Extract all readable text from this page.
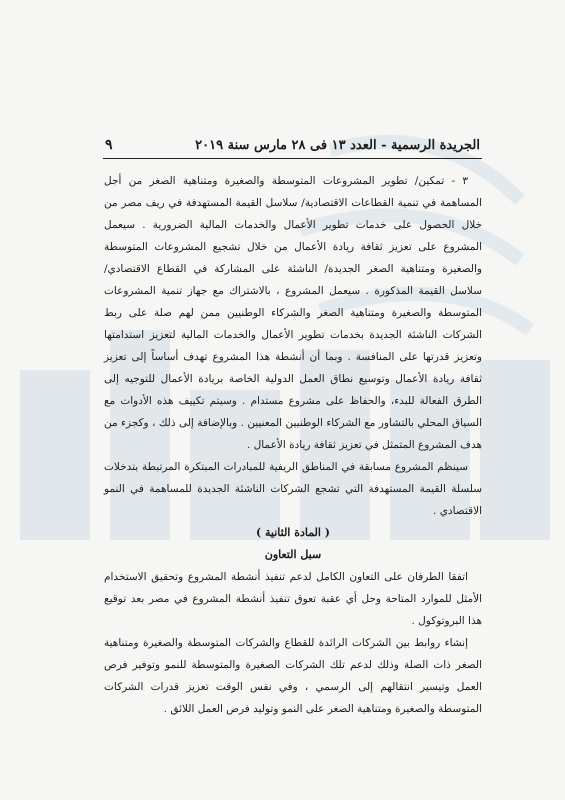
الجريدة الرسمية - العدد ١٣ فى ٢٨ مارس سنة ٢٠١٩
٩

٣ - تمكين/ تطوير المشروعات المتوسطة والصغيرة ومتناهية الصغر من أجل المساهمة في تنمية القطاعات الاقتصادية/ سلاسل القيمة المستهدفة في ريف مصر من خلال الحصول على خدمات تطوير الأعمال والخدمات المالية الضرورية . سيعمل المشروع على تعزيز ثقافة ريادة الأعمال من خلال تشجيع المشروعات المتوسطة والصغيرة ومتناهية الصغر الجديدة/ الناشئة على المشاركة في القطاع الاقتصادي/ سلاسل القيمة المذكورة . سيعمل المشروع ، بالاشتراك مع جهاز تنمية المشروعات المتوسطة والصغيرة ومتناهية الصغر والشركاء الوطنيين ممن لهم صلة على ربط الشركات الناشئة الجديدة بخدمات تطوير الأعمال والخدمات المالية لتعزيز استدامتها وتعزيز قدرتها على المنافسة . وبما أن أنشطة هذا المشروع تهدف أساساً إلى تعزيز ثقافة ريادة الأعمال وتوسيع نطاق العمل الدولية الخاصة بريادة الأعمال للتوجيه إلى الطرق الفعالة للبدء، والحفاظ على مشروع مستدام . وسيتم تكييف هذه الأدوات مع السياق المحلي بالتشاور مع الشركاء الوطنيين المعنيين . وبالإضافة إلى ذلك ، وكجزء من هدف المشروع المتمثل في تعزيز ثقافة ريادة الأعمال .

سينظم المشروع مسابقة في المناطق الريفية للمبادرات المبتكرة المرتبطة بتدخلات سلسلة القيمة المستهدفة التي تشجع الشركات الناشئة الجديدة للمساهمة في النمو الاقتصادي .

( المادة الثانية )

سبل التعاون

اتفقا الطرفان على التعاون الكامل لدعم تنفيذ أنشطة المشروع وتحقيق الاستخدام الأمثل للموارد المتاحة وحل أي عقبة تعوق تنفيذ أنشطة المشروع في مصر بعد توقيع هذا البروتوكول .

إنشاء روابط بين الشركات الرائدة للقطاع والشركات المتوسطة والصغيرة ومتناهية الصغر ذات الصلة وذلك لدعم تلك الشركات الصغيرة والمتوسطة للنمو وتوفير فرص العمل وتيسير انتقالهم إلى الرسمي ، وفي نفس الوقت تعزيز قدرات الشركات المتوسطة والصغيرة ومتناهية الصغر على النمو وتوليد فرص العمل اللائق .
